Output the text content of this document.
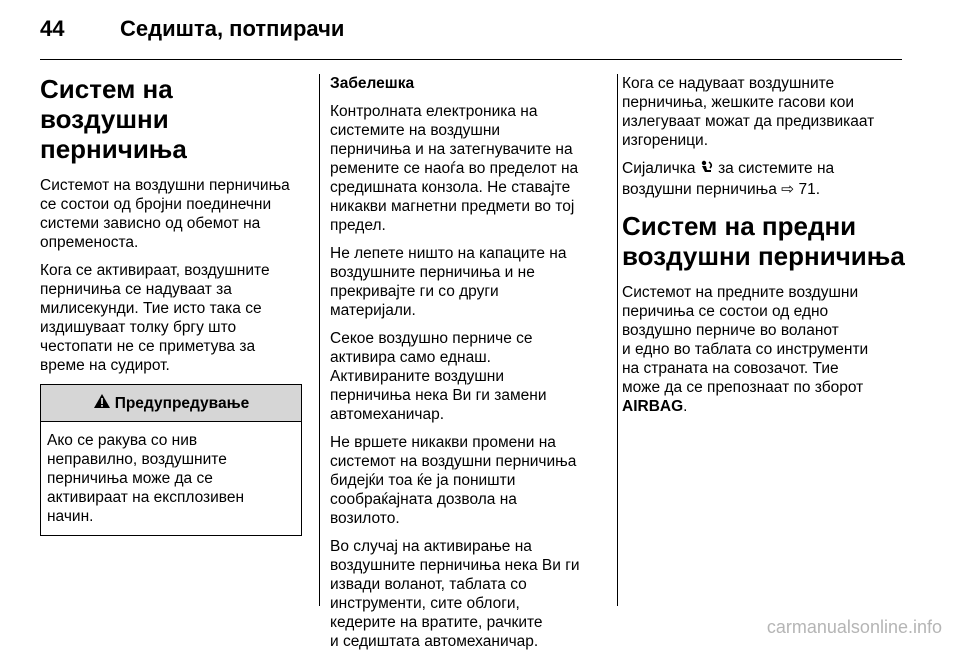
44	Седишта, потпирачи
Систем на воздушни
перничиња

Системот на воздушни перничиња
се состои од бројни поединечни
системи зависно од обемот на
опременоста.

Кога се активираат, воздушните
перничиња се надуваат за
милисекунди. Тие исто така се
издишуваат толку бргу што
честопати не се приметува за
време на судирот.

Предупредување
Ако се ракува со нив
неправилно, воздушните
перничиња може да се
активираат на експлозивен
начин.

Забелешка

Контролната електроника на
системите на воздушни
перничиња и на затегнувачите на
ремените се наоѓа во пределот на
средишната конзола. Не ставајте
никакви магнетни предмети во тој
предел.

Не лепете ништо на капаците на
воздушните перничиња и не
прекривајте ги со други
материјали.

Секое воздушно перниче се
активира само еднаш.
Активираните воздушни
перничиња нека Ви ги замени
автомеханичар.

Не вршете никакви промени на
системот на воздушни перничиња
бидејќи тоа ќе ја поништи
сообраќајната дозвола на
возилото.

Во случај на активирање на
воздушните перничиња нека Ви ги
извади воланот, таблата со
инструменти, сите облоги,
кедерите на вратите, рачките
и седиштата автомеханичар.

Кога се надуваат воздушните
перничиња, жешките гасови кои
излегуваат можат да предизвикаат
изгореници.

Сијаличка за системите на
воздушни перничиња ⇨ 71.

Систем на предни
воздушни перничиња

Системот на предните воздушни
перичиња се состои од едно
воздушно перниче во воланот
и едно во таблата со инструменти
на страната на совозачот. Тие
може да се препознаат по зборот
AIRBAG.

carmanualsonline.info
